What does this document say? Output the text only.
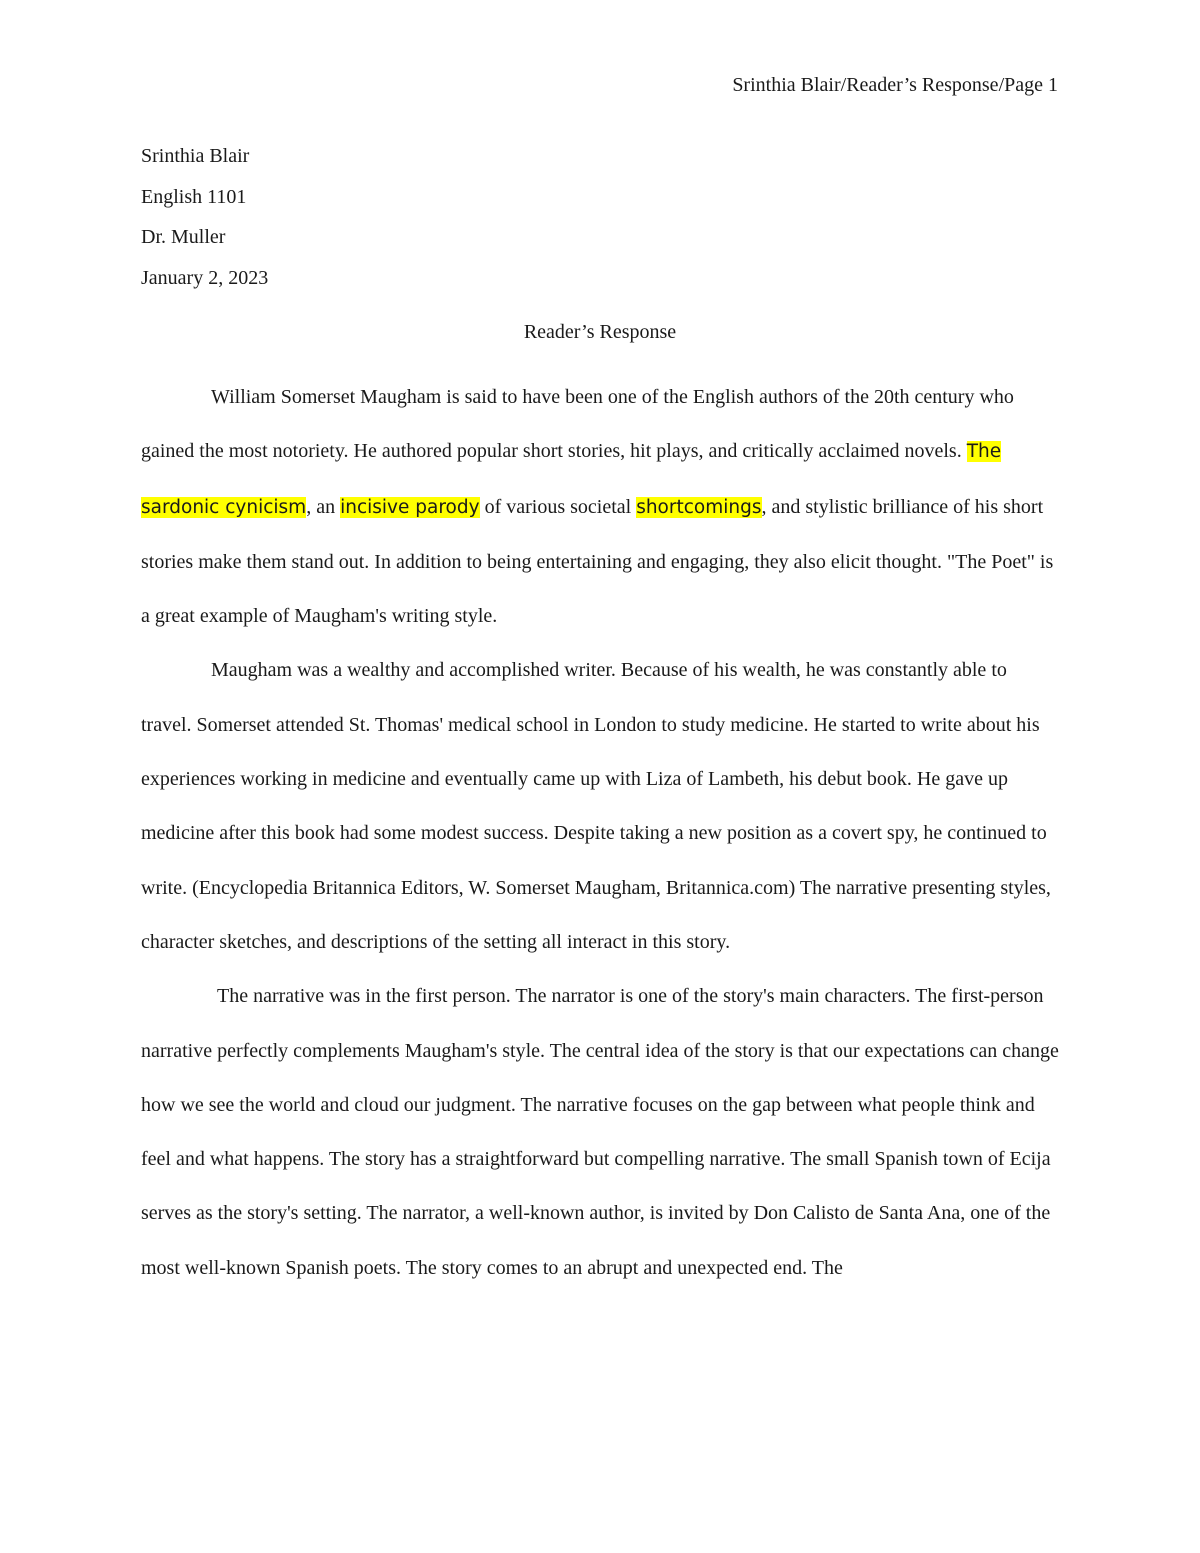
Srinthia Blair/Reader’s Response/Page 1
Srinthia Blair
English 1101
Dr. Muller
January 2, 2023
Reader’s Response

William Somerset Maugham is said to have been one of the English authors of the 20th century who gained the most notoriety. He authored popular short stories, hit plays, and critically acclaimed novels. The sardonic cynicism, an incisive parody of various societal shortcomings, and stylistic brilliance of his short stories make them stand out. In addition to being entertaining and engaging, they also elicit thought. "The Poet" is a great example of Maugham's writing style.

Maugham was a wealthy and accomplished writer. Because of his wealth, he was constantly able to travel. Somerset attended St. Thomas' medical school in London to study medicine. He started to write about his experiences working in medicine and eventually came up with Liza of Lambeth, his debut book. He gave up medicine after this book had some modest success. Despite taking a new position as a covert spy, he continued to write. (Encyclopedia Britannica Editors, W. Somerset Maugham, Britannica.com) The narrative presenting styles, character sketches, and descriptions of the setting all interact in this story.

The narrative was in the first person. The narrator is one of the story's main characters. The first-person narrative perfectly complements Maugham's style. The central idea of the story is that our expectations can change how we see the world and cloud our judgment. The narrative focuses on the gap between what people think and feel and what happens. The story has a straightforward but compelling narrative. The small Spanish town of Ecija serves as the story's setting. The narrator, a well-known author, is invited by Don Calisto de Santa Ana, one of the most well-known Spanish poets. The story comes to an abrupt and unexpected end. The
